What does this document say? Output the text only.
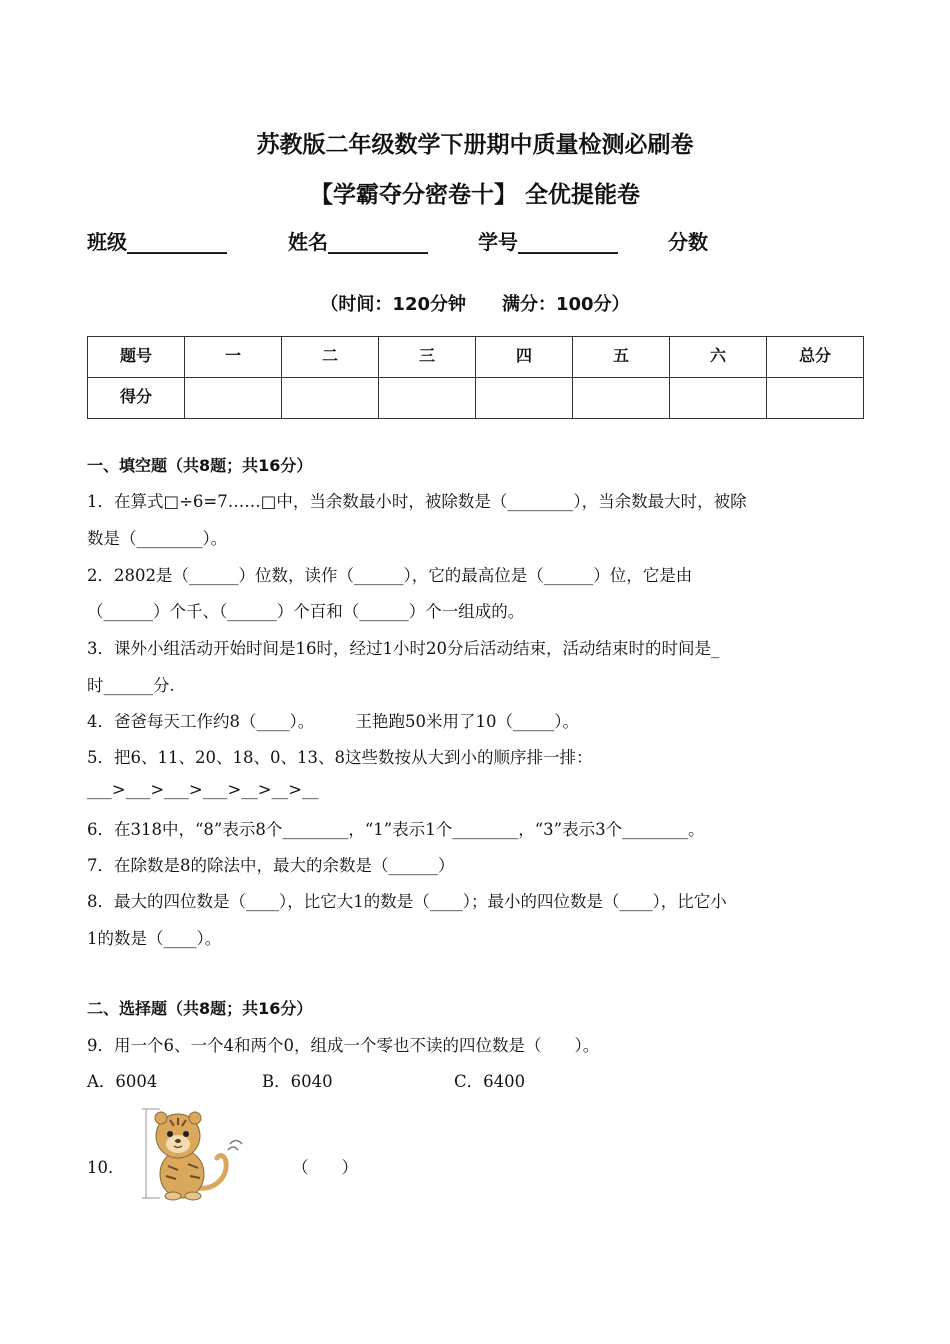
苏教版二年级数学下册期中质量检测必刷卷
【学霸夺分密卷十】 全优提能卷
班级__________	姓名__________	学号__________	分数
（时间：120分钟　　满分：100分）
题号	一	二	三	四	五	六	总分
得分							
一、填空题（共8题；共16分）
1．在算式□÷6=7……□中，当余数最小时，被除数是（________），当余数最大时，被除
数是（________）。
2．2802是（______）位数，读作（______），它的最高位是（______）位，它是由
（______）个千、（______）个百和（______）个一组成的。
3．课外小组活动开始时间是16时，经过1小时20分后活动结束，活动结束时的时间是_
时______分.
4．爸爸每天工作约8（____）。　　　王艳跑50米用了10（_____）。
5．把6、11、20、18、0、13、8这些数按从大到小的顺序排一排：
___>___>___>___>__>__>__
6．在318中，“8”表示8个________，“1”表示1个________，“3”表示3个________。
7．在除数是8的除法中，最大的余数是（______）
8．最大的四位数是（____），比它大1的数是（____）；最小的四位数是（____），比它小
1的数是（____）。
二、选择题（共8题；共16分）
9．用一个6、一个4和两个0，组成一个零也不读的四位数是（　　）。
A．6004	B．6040	C．6400
10．	（　　）
